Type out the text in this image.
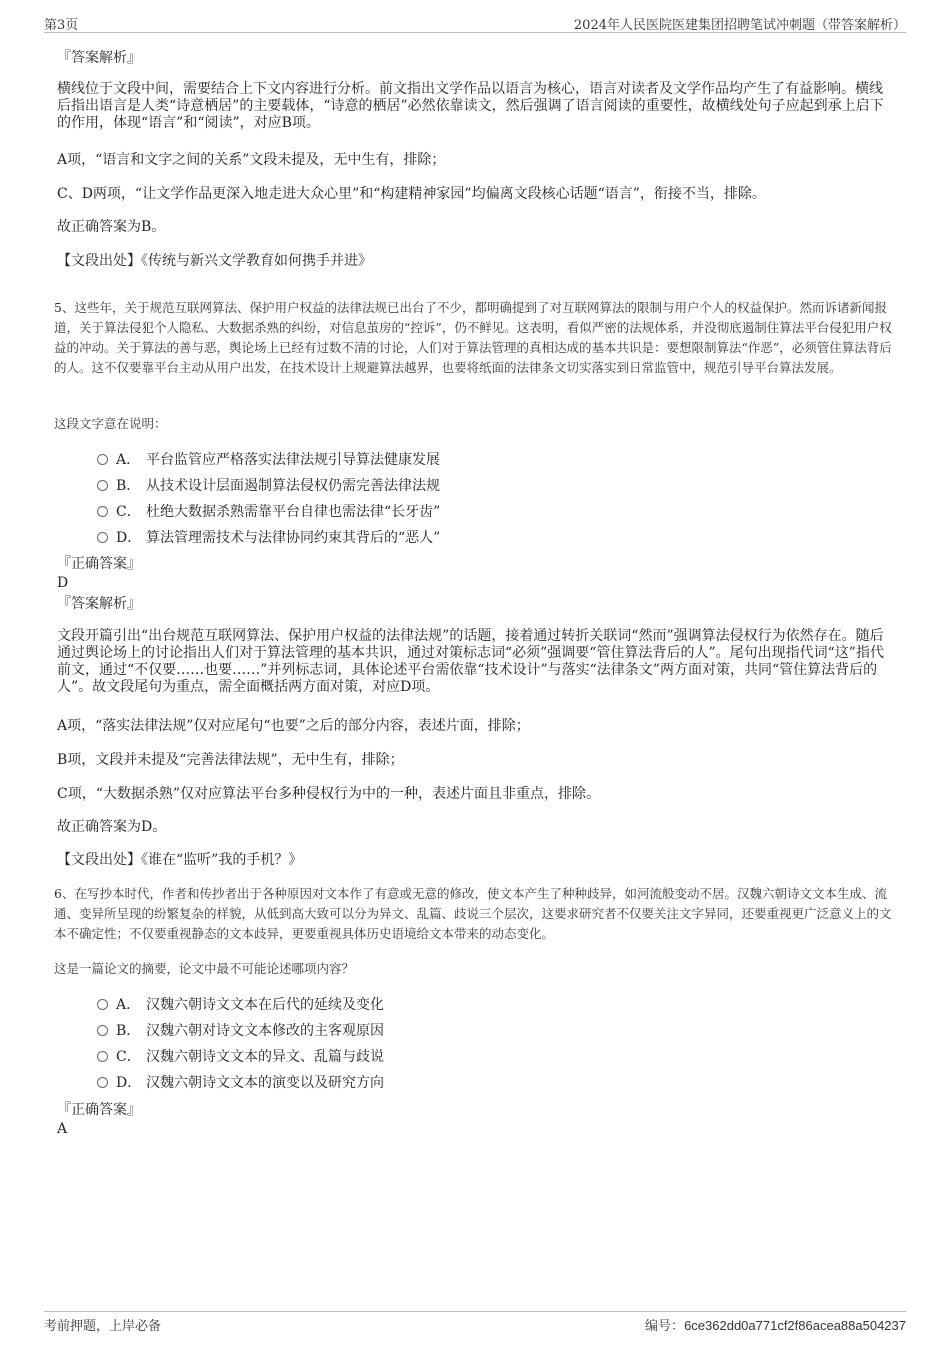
第3页	2024年人民医院医建集团招聘笔试冲刺题（带答案解析）
『答案解析』

横线位于文段中间，需要结合上下文内容进行分析。前文指出文学作品以语言为核心，语言对读者及文学作品均产生了有益影响。横线后指出语言是人类“诗意栖居”的主要载体，“诗意的栖居”必然依靠读文，然后强调了语言阅读的重要性，故横线处句子应起到承上启下的作用，体现“语言”和“阅读”，对应B项。

A项，“语言和文字之间的关系”文段未提及，无中生有，排除；

C、D两项，“让文学作品更深入地走进大众心里”和“构建精神家园”均偏离文段核心话题“语言”，衔接不当，排除。

故正确答案为B。

【文段出处】《传统与新兴文学教育如何携手并进》

5、这些年，关于规范互联网算法、保护用户权益的法律法规已出台了不少，都明确提到了对互联网算法的限制与用户个人的权益保护。然而诉诸新闻报道，关于算法侵犯个人隐私、大数据杀熟的纠纷，对信息茧房的“控诉”，仍不鲜见。这表明，看似严密的法规体系，并没彻底遏制住算法平台侵犯用户权益的冲动。关于算法的善与恶，舆论场上已经有过数不清的讨论，人们对于算法管理的真相达成的基本共识是：要想限制算法“作恶”，必须管住算法背后的人。这不仅要靠平台主动从用户出发，在技术设计上规避算法越界，也要将纸面的法律条文切实落实到日常监管中，规范引导平台算法发展。

这段文字意在说明：

A． 平台监管应严格落实法律法规引导算法健康发展
B． 从技术设计层面遏制算法侵权仍需完善法律法规
C． 杜绝大数据杀熟需靠平台自律也需法律“长牙齿”
D． 算法管理需技术与法律协同约束其背后的“恶人”
『正确答案』
D
『答案解析』

文段开篇引出“出台规范互联网算法、保护用户权益的法律法规”的话题，接着通过转折关联词“然而”强调算法侵权行为依然存在。随后通过舆论场上的讨论指出人们对于算法管理的基本共识，通过对策标志词“必须”强调要“管住算法背后的人”。尾句出现指代词“这”指代前文，通过“不仅要……也要……”并列标志词，具体论述平台需依靠“技术设计”与落实“法律条文”两方面对策，共同“管住算法背后的人”。故文段尾句为重点，需全面概括两方面对策，对应D项。

A项，“落实法律法规”仅对应尾句“也要”之后的部分内容，表述片面，排除；

B项，文段并未提及“完善法律法规”，无中生有，排除；

C项，“大数据杀熟”仅对应算法平台多种侵权行为中的一种，表述片面且非重点，排除。

故正确答案为D。

【文段出处】《谁在“监听”我的手机？》

6、在写抄本时代，作者和传抄者出于各种原因对文本作了有意或无意的修改，使文本产生了种种歧异，如河流般变动不居。汉魏六朝诗文文本生成、流通、变异所呈现的纷繁复杂的样貌，从低到高大致可以分为异文、乱篇、歧说三个层次，这要求研究者不仅要关注文字异同，还要重视更广泛意义上的文本不确定性；不仅要重视静态的文本歧异，更要重视具体历史语境给文本带来的动态变化。

这是一篇论文的摘要，论文中最不可能论述哪项内容？

A． 汉魏六朝诗文文本在后代的延续及变化
B． 汉魏六朝对诗文文本修改的主客观原因
C． 汉魏六朝诗文文本的异文、乱篇与歧说
D． 汉魏六朝诗文文本的演变以及研究方向
『正确答案』
A
考前押题，上岸必备	编号：6ce362dd0a771cf2f86acea88a504237
